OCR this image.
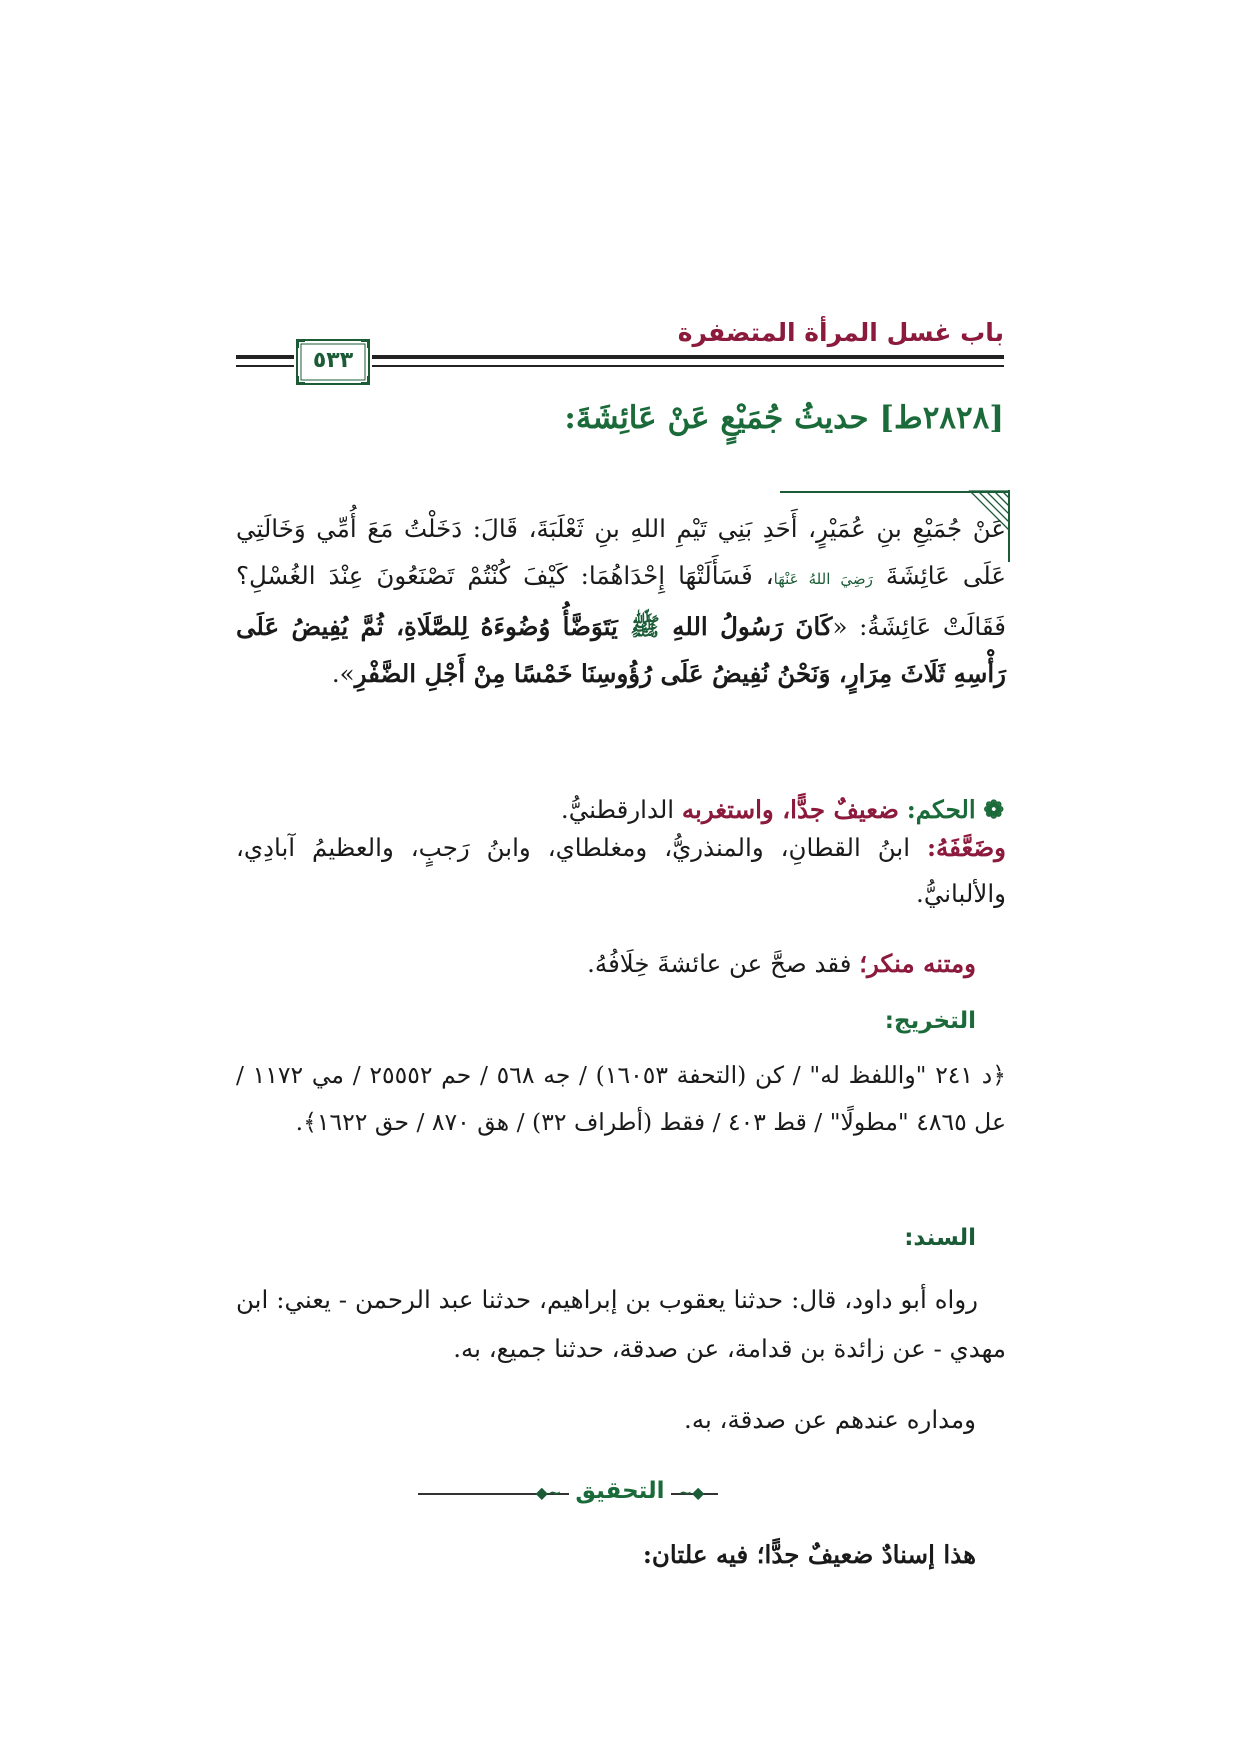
باب غسل المرأة المتضفرة
٥٣٣
[٢٨٢٨ط] حديثُ جُمَيْعٍ عَنْ عَائِشَةَ:
عَنْ جُمَيْعِ بنِ عُمَيْرٍ، أَحَدِ بَنِي تَيْمِ اللهِ بنِ ثَعْلَبَةَ، قَالَ: دَخَلْتُ مَعَ أُمِّي وَخَالَتِي عَلَى عَائِشَةَ رَضِيَ اللهُ عَنْهَا، فَسَأَلَتْهَا إِحْدَاهُمَا: كَيْفَ كُنْتُمْ تَصْنَعُونَ عِنْدَ الغُسْلِ؟ فَقَالَتْ عَائِشَةُ: «كَانَ رَسُولُ اللهِ ﷺ يَتَوَضَّأُ وُضُوءَهُ لِلصَّلَاةِ، ثُمَّ يُفِيضُ عَلَى رَأْسِهِ ثَلَاثَ مِرَارٍ، وَنَحْنُ نُفِيضُ عَلَى رُؤُوسِنَا خَمْسًا مِنْ أَجْلِ الضَّفْرِ».
❁ الحكم: ضعيفٌ جدًّا، واستغربه الدارقطنيُّ.
وضَعَّفَهُ: ابنُ القطانِ، والمنذريُّ، ومغلطاي، وابنُ رَجبٍ، والعظيمُ آبادِي، والألبانيُّ.
ومتنه منكر؛ فقد صحَّ عن عائشةَ خِلَافُهُ.
التخريج:
﴿د ٢٤١ "واللفظ له" / كن (التحفة ١٦٠٥٣) / جه ٥٦٨ / حم ٢٥٥٥٢ / مي ١١٧٢ / عل ٤٨٦٥ "مطولًا" / قط ٤٠٣ / فقط (أطراف ٣٢) / هق ٨٧٠ / حق ١٦٢٢﴾.
السند:
رواه أبو داود، قال: حدثنا يعقوب بن إبراهيم، حدثنا عبد الرحمن - يعني: ابن مهدي - عن زائدة بن قدامة، عن صدقة، حدثنا جميع، به.
ومداره عندهم عن صدقة، به.
◆~ التحقيق ~◆
هذا إسنادٌ ضعيفٌ جدًّا؛ فيه علتان:
